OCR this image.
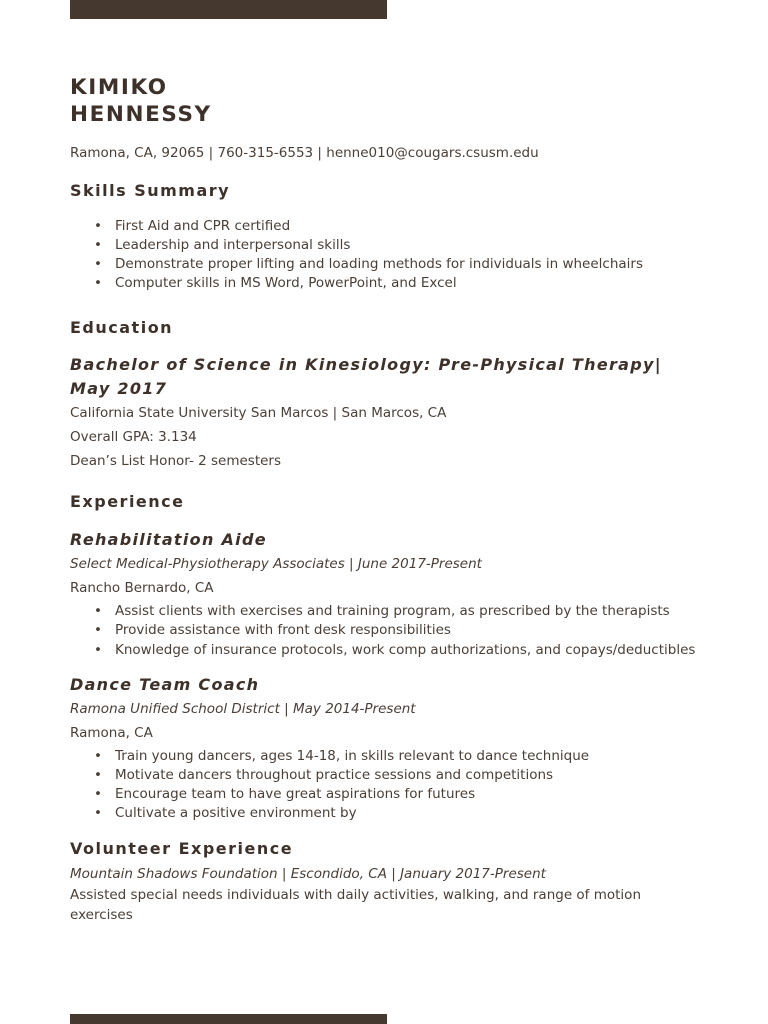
KIMIKO
HENNESSY
Ramona, CA, 92065 | 760-315-6553 | henne010@cougars.csusm.edu
Skills Summary
• First Aid and CPR certified
• Leadership and interpersonal skills
• Demonstrate proper lifting and loading methods for individuals in wheelchairs
• Computer skills in MS Word, PowerPoint, and Excel
Education
Bachelor of Science in Kinesiology: Pre-Physical Therapy|
May 2017
California State University San Marcos | San Marcos, CA
Overall GPA: 3.134
Dean’s List Honor- 2 semesters
Experience
Rehabilitation Aide
Select Medical-Physiotherapy Associates | June 2017-Present
Rancho Bernardo, CA
• Assist clients with exercises and training program, as prescribed by the therapists
• Provide assistance with front desk responsibilities
• Knowledge of insurance protocols, work comp authorizations, and copays/deductibles
Dance Team Coach
Ramona Unified School District | May 2014-Present
Ramona, CA
• Train young dancers, ages 14-18, in skills relevant to dance technique
• Motivate dancers throughout practice sessions and competitions
• Encourage team to have great aspirations for futures
• Cultivate a positive environment by
Volunteer Experience
Mountain Shadows Foundation | Escondido, CA | January 2017-Present
Assisted special needs individuals with daily activities, walking, and range of motion exercises
